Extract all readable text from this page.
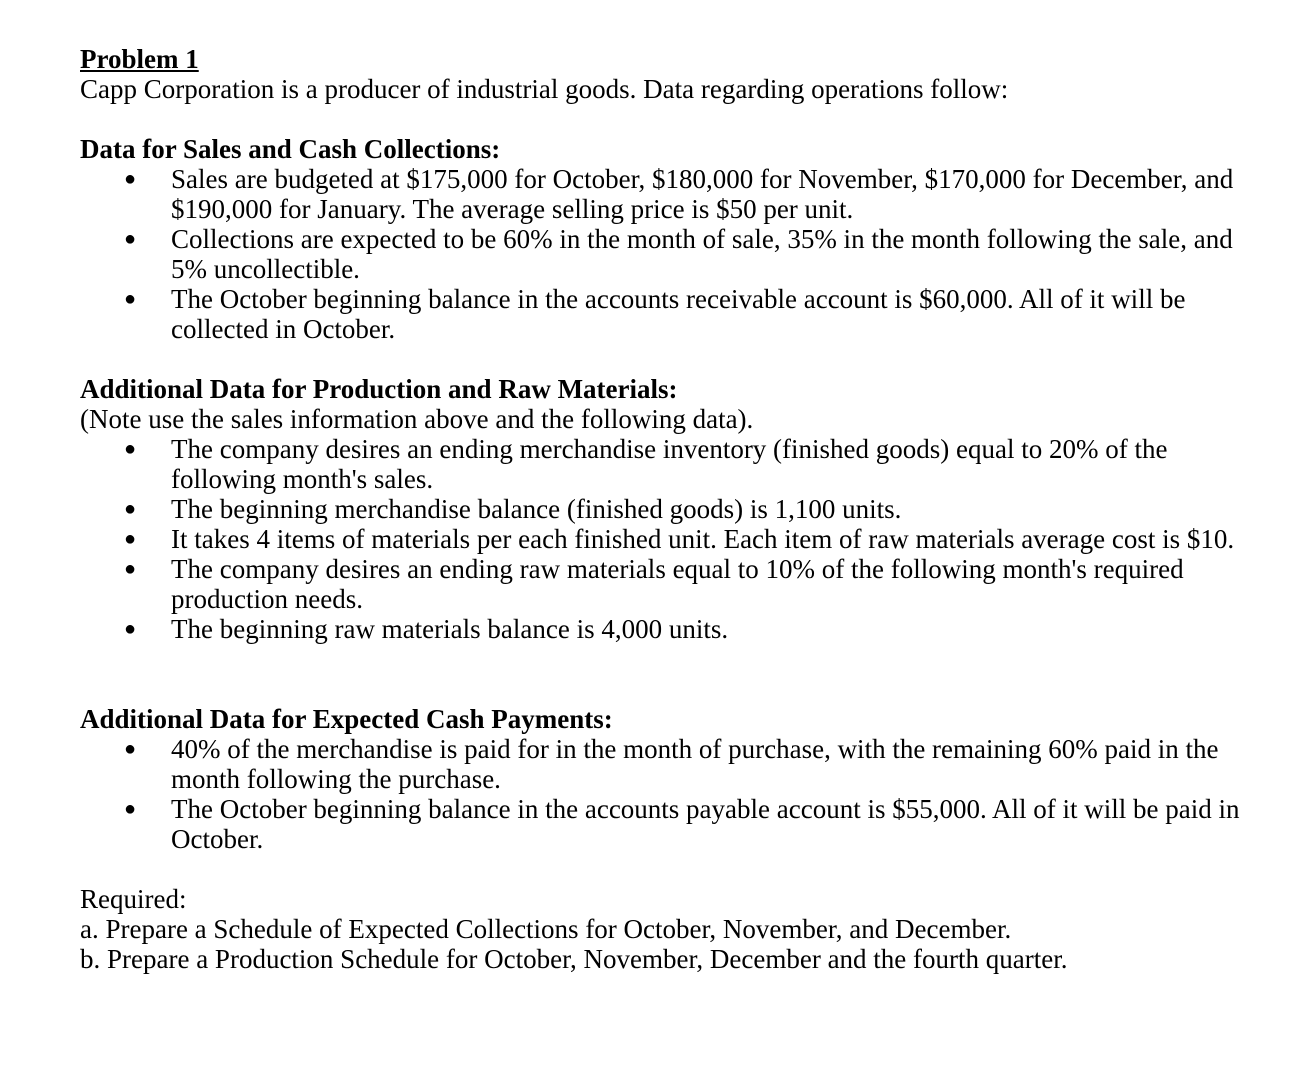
Problem 1
Capp Corporation is a producer of industrial goods. Data regarding operations follow:
Data for Sales and Cash Collections:
● Sales are budgeted at $175,000 for October, $180,000 for November, $170,000 for December, and $190,000 for January. The average selling price is $50 per unit.
● Collections are expected to be 60% in the month of sale, 35% in the month following the sale, and 5% uncollectible.
● The October beginning balance in the accounts receivable account is $60,000. All of it will be collected in October.
Additional Data for Production and Raw Materials:
(Note use the sales information above and the following data).
● The company desires an ending merchandise inventory (finished goods) equal to 20% of the following month's sales.
● The beginning merchandise balance (finished goods) is 1,100 units.
● It takes 4 items of materials per each finished unit. Each item of raw materials average cost is $10.
● The company desires an ending raw materials equal to 10% of the following month's required production needs.
● The beginning raw materials balance is 4,000 units.
Additional Data for Expected Cash Payments:
● 40% of the merchandise is paid for in the month of purchase, with the remaining 60% paid in the month following the purchase.
● The October beginning balance in the accounts payable account is $55,000. All of it will be paid in October.
Required:
a. Prepare a Schedule of Expected Collections for October, November, and December.
b. Prepare a Production Schedule for October, November, December and the fourth quarter.
